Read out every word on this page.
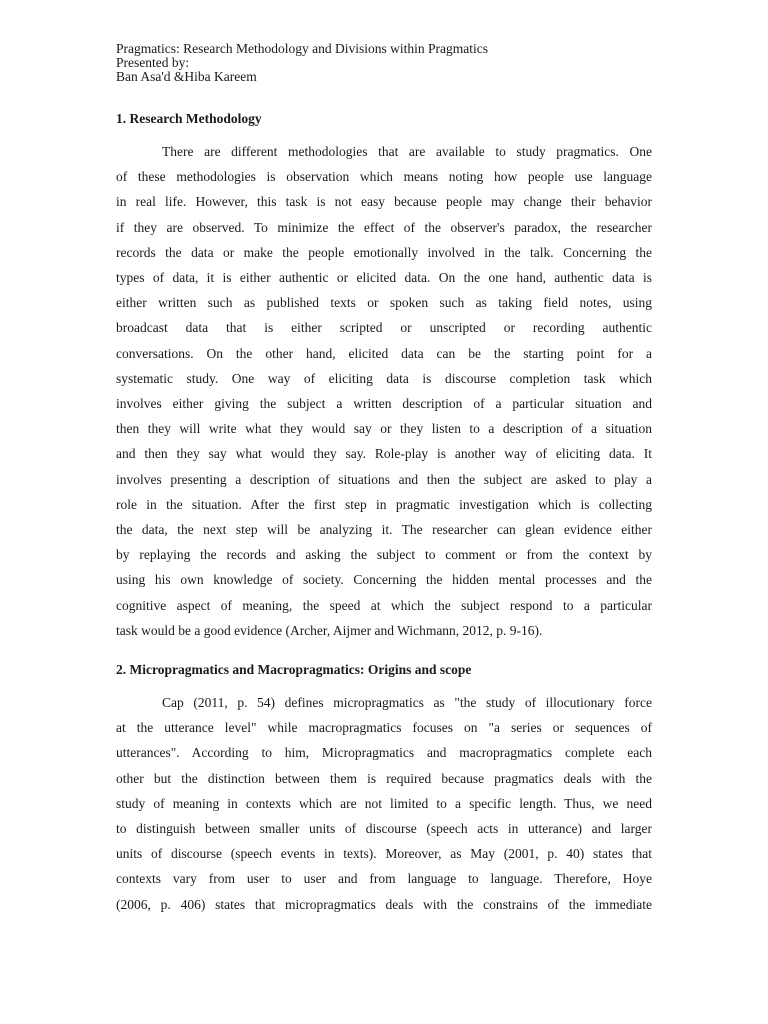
Pragmatics: Research Methodology and Divisions within Pragmatics

Presented by:

Ban Asa'd &Hiba Kareem

1. Research Methodology
There are different methodologies that are available to study pragmatics. One
of these methodologies is observation which means noting how people use language
in real life. However, this task is not easy because people may change their behavior
if they are observed. To minimize the effect of the observer's paradox, the researcher
records the data or make the people emotionally involved in the talk. Concerning the
types of data, it is either authentic or elicited data. On the one hand, authentic data is
either written such as published texts or spoken such as taking field notes, using
broadcast data that is either scripted or unscripted or recording authentic
conversations. On the other hand, elicited data can be the starting point for a
systematic study. One way of eliciting data is discourse completion task which
involves either giving the subject a written description of a particular situation and
then they will write what they would say or they listen to a description of a situation
and then they say what would they say. Role-play is another way of eliciting data. It
involves presenting a description of situations and then the subject are asked to play a
role in the situation. After the first step in pragmatic investigation which is collecting
the data, the next step will be analyzing it. The researcher can glean evidence either
by replaying the records and asking the subject to comment or from the context by
using his own knowledge of society. Concerning the hidden mental processes and the
cognitive aspect of meaning, the speed at which the subject respond to a particular
task would be a good evidence (Archer, Aijmer and Wichmann, 2012, p. 9-16).
2. Micropragmatics and Macropragmatics: Origins and scope
Cap (2011, p. 54) defines micropragmatics as "the study of illocutionary force
at the utterance level" while macropragmatics focuses on "a series or sequences of
utterances". According to him, Micropragmatics and macropragmatics complete each
other but the distinction between them is required because pragmatics deals with the
study of meaning in contexts which are not limited to a specific length. Thus, we need
to distinguish between smaller units of discourse (speech acts in utterance) and larger
units of discourse (speech events in texts). Moreover, as May (2001, p. 40) states that
contexts vary from user to user and from language to language. Therefore, Hoye
(2006, p. 406) states that micropragmatics deals with the constrains of the immediate
